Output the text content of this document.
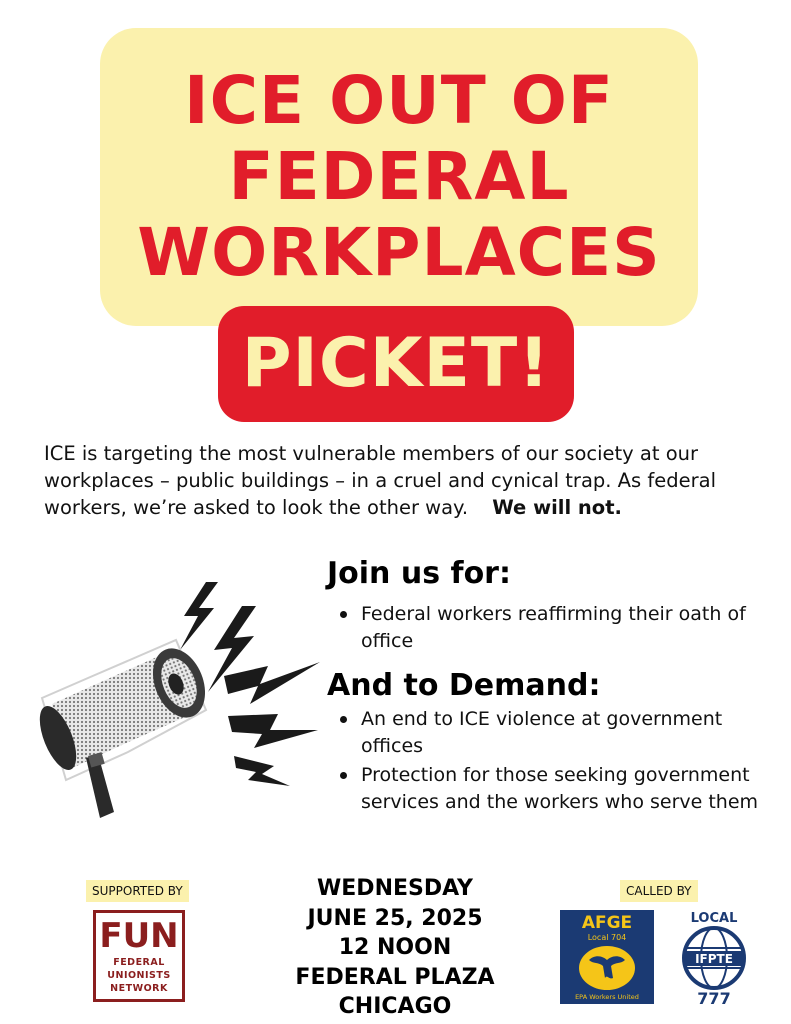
ICE OUT OF
FEDERAL
WORKPLACES
PICKET!
ICE is targeting the most vulnerable members of our society at our workplaces – public buildings – in a cruel and cynical trap. As federal workers, we’re asked to look the other way. We will not.
Join us for:
Federal workers reaffirming their oath of office
And to Demand:
An end to ICE violence at government offices
Protection for those seeking government services and the workers who serve them
SUPPORTED BY
FUN
FEDERAL
UNIONISTS
NETWORK
WEDNESDAY
JUNE 25, 2025
12 NOON
FEDERAL PLAZA
CHICAGO
CALLED BY
AFGE
Local 704
EPA Workers United
LOCAL
IFPTE
777
